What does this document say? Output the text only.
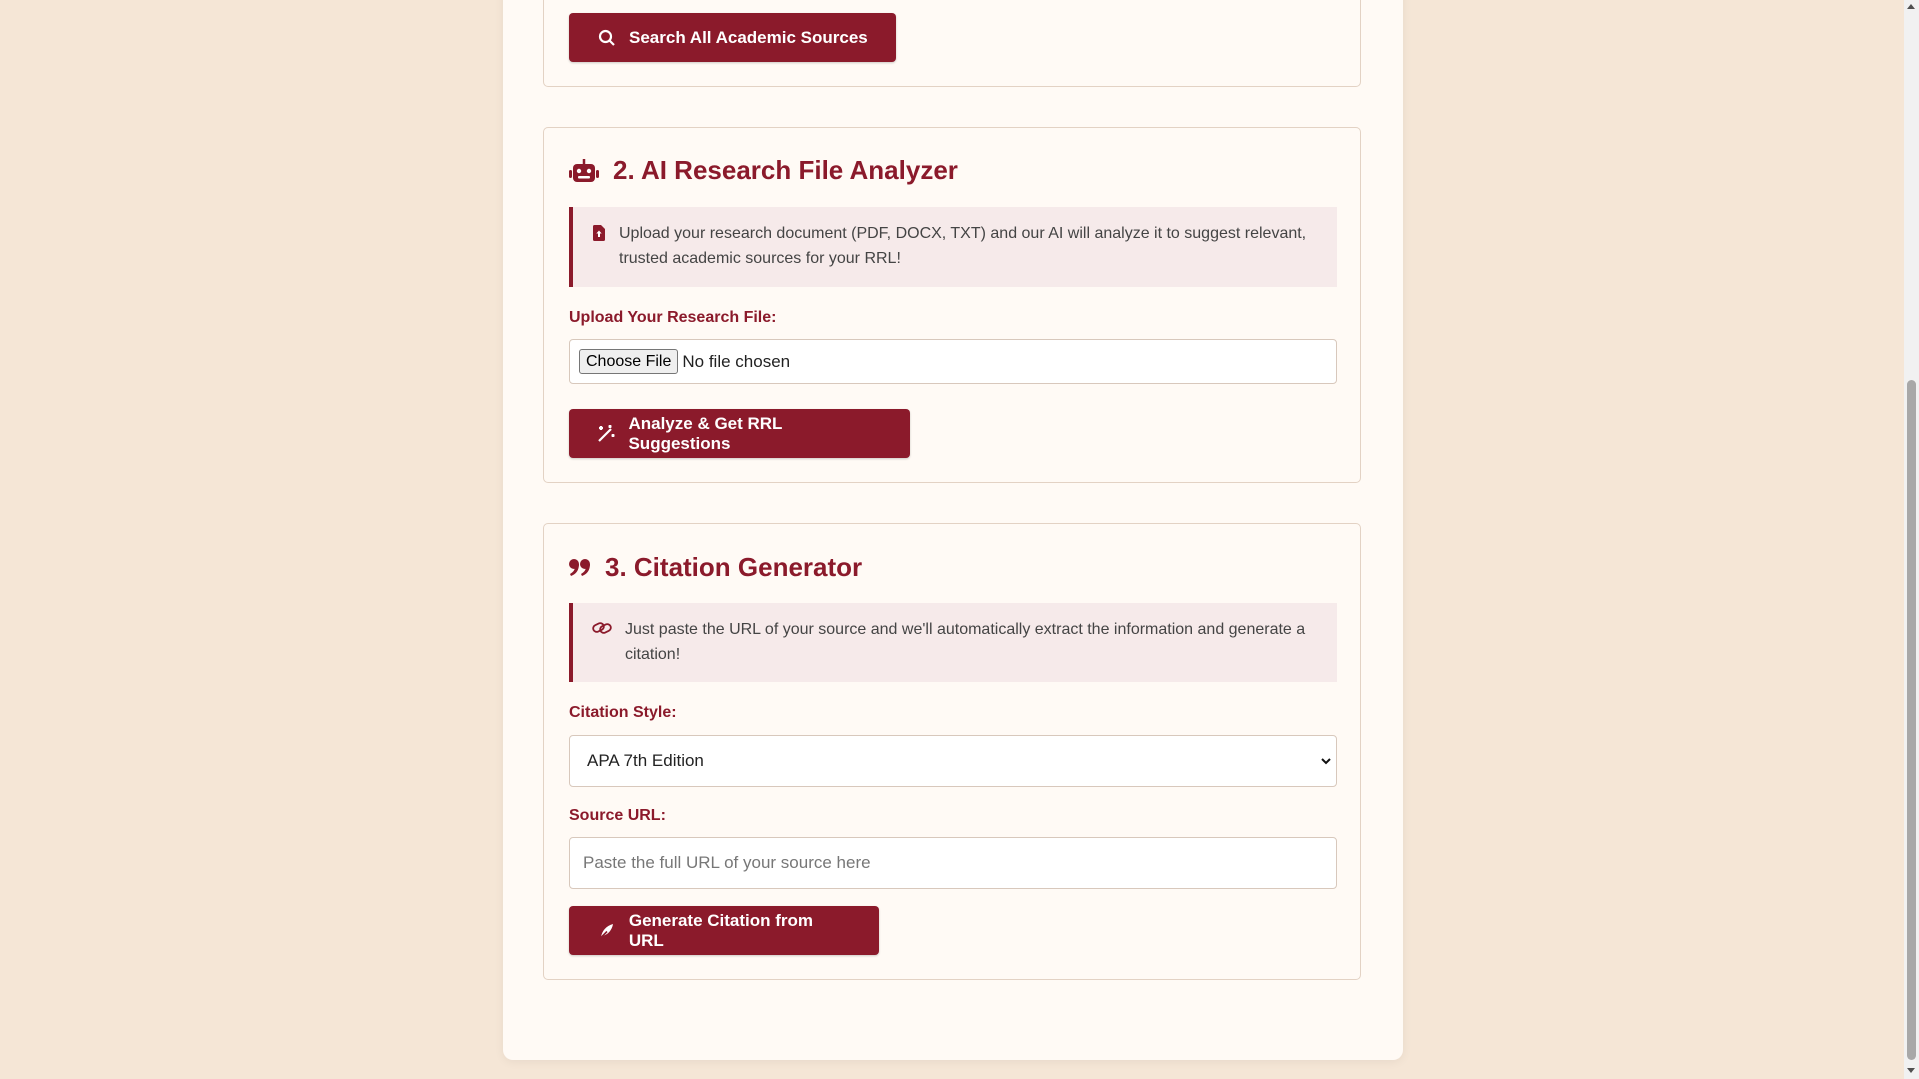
Search All Academic Sources
2. AI Research File Analyzer
Upload your research document (PDF, DOCX, TXT) and our AI will analyze it to suggest relevant, trusted academic sources for your RRL!
Upload Your Research File:
Choose File No file chosen
Analyze & Get RRL Suggestions
3. Citation Generator
Just paste the URL of your source and we'll automatically extract the information and generate a citation!
Citation Style:
APA 7th Edition
Source URL:
Paste the full URL of your source here
Generate Citation from URL
